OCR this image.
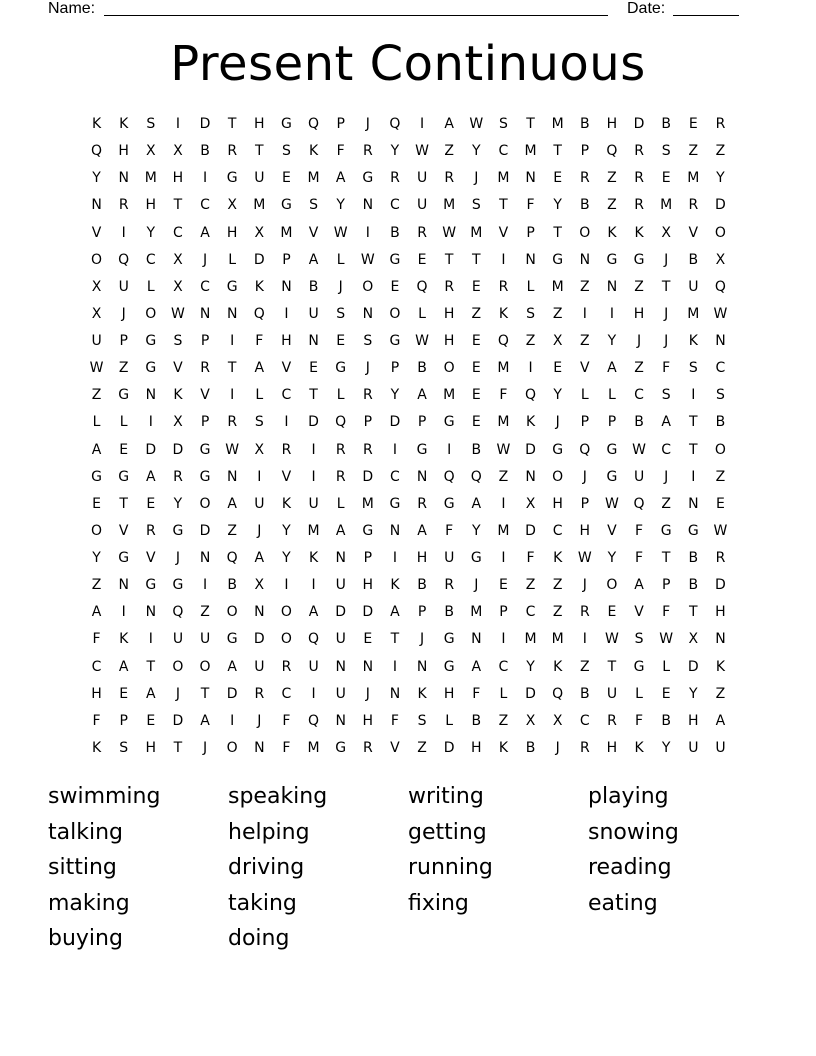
Name:	Date:
Present Continuous
K	K	S	I	D	T	H	G	Q	P	J	Q	I	A	W	S	T	M	B	H	D	B	E	R
Q	H	X	X	B	R	T	S	K	F	R	Y	W	Z	Y	C	M	T	P	Q	R	S	Z	Z
Y	N	M	H	I	G	U	E	M	A	G	R	U	R	J	M	N	E	R	Z	R	E	M	Y
N	R	H	T	C	X	M	G	S	Y	N	C	U	M	S	T	F	Y	B	Z	R	M	R	D
V	I	Y	C	A	H	X	M	V	W	I	B	R	W	M	V	P	T	O	K	K	X	V	O
O	Q	C	X	J	L	D	P	A	L	W	G	E	T	T	I	N	G	N	G	G	J	B	X
X	U	L	X	C	G	K	N	B	J	O	E	Q	R	E	R	L	M	Z	N	Z	T	U	Q
X	J	O	W	N	N	Q	I	U	S	N	O	L	H	Z	K	S	Z	I	I	H	J	M	W
U	P	G	S	P	I	F	H	N	E	S	G	W	H	E	Q	Z	X	Z	Y	J	J	K	N
W	Z	G	V	R	T	A	V	E	G	J	P	B	O	E	M	I	E	V	A	Z	F	S	C
Z	G	N	K	V	I	L	C	T	L	R	Y	A	M	E	F	Q	Y	L	L	C	S	I	S
L	L	I	X	P	R	S	I	D	Q	P	D	P	G	E	M	K	J	P	P	B	A	T	B
A	E	D	D	G	W	X	R	I	R	R	I	G	I	B	W	D	G	Q	G	W	C	T	O
G	G	A	R	G	N	I	V	I	R	D	C	N	Q	Q	Z	N	O	J	G	U	J	I	Z
E	T	E	Y	O	A	U	K	U	L	M	G	R	G	A	I	X	H	P	W	Q	Z	N	E
O	V	R	G	D	Z	J	Y	M	A	G	N	A	F	Y	M	D	C	H	V	F	G	G	W
Y	G	V	J	N	Q	A	Y	K	N	P	I	H	U	G	I	F	K	W	Y	F	T	B	R
Z	N	G	G	I	B	X	I	I	U	H	K	B	R	J	E	Z	Z	J	O	A	P	B	D
A	I	N	Q	Z	O	N	O	A	D	D	A	P	B	M	P	C	Z	R	E	V	F	T	H
F	K	I	U	U	G	D	O	Q	U	E	T	J	G	N	I	M	M	I	W	S	W	X	N
C	A	T	O	O	A	U	R	U	N	N	I	N	G	A	C	Y	K	Z	T	G	L	D	K
H	E	A	J	T	D	R	C	I	U	J	N	K	H	F	L	D	Q	B	U	L	E	Y	Z
F	P	E	D	A	I	J	F	Q	N	H	F	S	L	B	Z	X	X	C	R	F	B	H	A
K	S	H	T	J	O	N	F	M	G	R	V	Z	D	H	K	B	J	R	H	K	Y	U	U
swimming	speaking	writing	playing
talking	helping	getting	snowing
sitting	driving	running	reading
making	taking	fixing	eating
buying	doing
